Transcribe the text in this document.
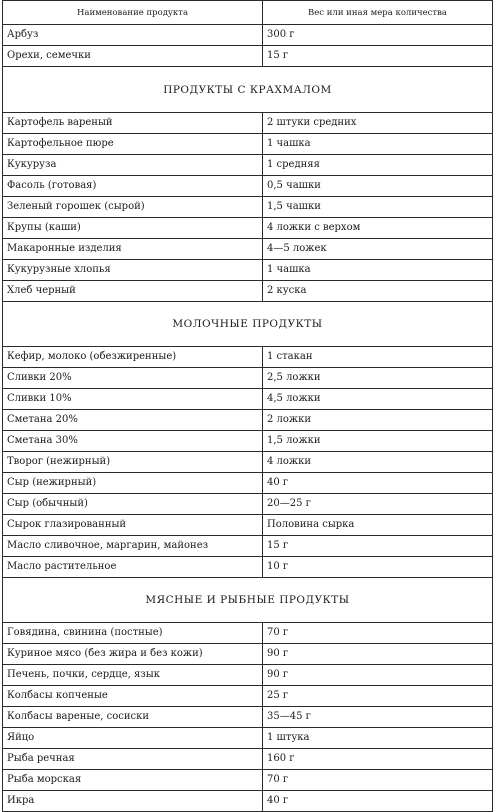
Наименование продукта	Вес или иная мера количества
Арбуз	300 г
Орехи, семечки	15 г
ПРОДУКТЫ С КРАХМАЛОМ	
Картофель вареный	2 штуки средних
Картофельное пюре	1 чашка
Кукуруза	1 средняя
Фасоль (готовая)	0,5 чашки
Зеленый горошек (сырой)	1,5 чашки
Крупы (каши)	4 ложки с верхом
Макаронные изделия	4—5 ложек
Кукурузные хлопья	1 чашка
Хлеб черный	2 куска
МОЛОЧНЫЕ ПРОДУКТЫ	
Кефир, молоко (обезжиренные)	1 стакан
Сливки 20%	2,5 ложки
Сливки 10%	4,5 ложки
Сметана 20%	2 ложки
Сметана 30%	1,5 ложки
Творог (нежирный)	4 ложки
Сыр (нежирный)	40 г
Сыр (обычный)	20—25 г
Сырок глазированный	Половина сырка
Масло сливочное, маргарин, майонез	15 г
Масло растительное	10 г
МЯСНЫЕ И РЫБНЫЕ ПРОДУКТЫ	
Говядина, свинина (постные)	70 г
Куриное мясо (без жира и без кожи)	90 г
Печень, почки, сердце, язык	90 г
Колбасы копченые	25 г
Колбасы вареные, сосиски	35—45 г
Яйцо	1 штука
Рыба речная	160 г
Рыба морская	70 г
Икра	40 г
